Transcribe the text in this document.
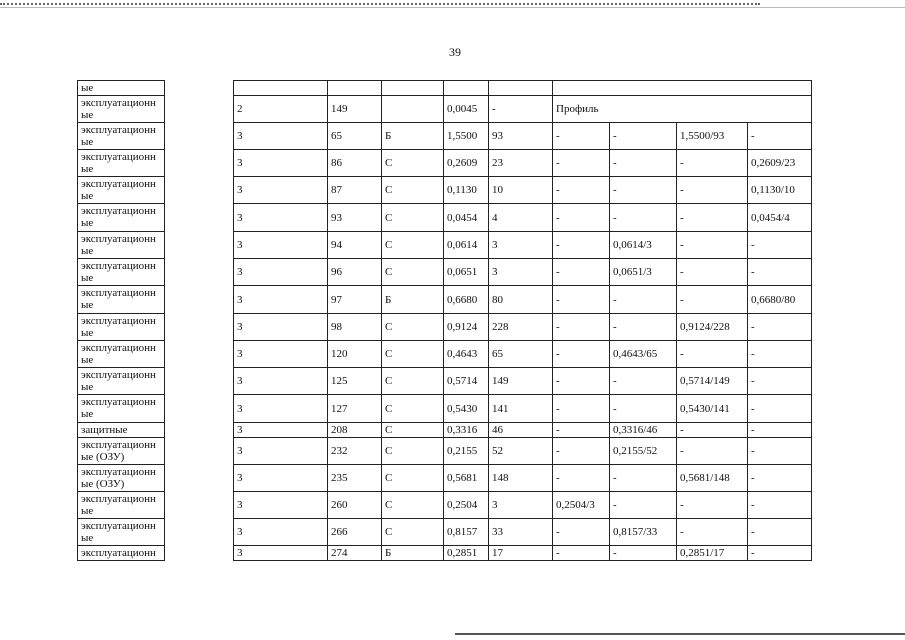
39
ые										
эксплуатационн ые		2	149		0,0045	-	Профиль			
эксплуатационн ые		3	65	Б	1,5500	93	-	-	1,5500/93	-
эксплуатационн ые		3	86	С	0,2609	23	-	-	-	0,2609/23
эксплуатационн ые		3	87	С	0,1130	10	-	-	-	0,1130/10
эксплуатационн ые		3	93	С	0,0454	4	-	-	-	0,0454/4
эксплуатационн ые		3	94	С	0,0614	3	-	0,0614/3	-	-
эксплуатационн ые		3	96	С	0,0651	3	-	0,0651/3	-	-
эксплуатационн ые		3	97	Б	0,6680	80	-	-	-	0,6680/80
эксплуатационн ые		3	98	С	0,9124	228	-	-	0,9124/228	-
эксплуатационн ые		3	120	С	0,4643	65	-	0,4643/65	-	-
эксплуатационн ые		3	125	С	0,5714	149	-	-	0,5714/149	-
эксплуатационн ые		3	127	С	0,5430	141	-	-	0,5430/141	-
защитные		3	208	С	0,3316	46	-	0,3316/46	-	-
эксплуатационн ые (ОЗУ)		3	232	С	0,2155	52	-	0,2155/52	-	-
эксплуатационн ые (ОЗУ)		3	235	С	0,5681	148	-	-	0,5681/148	-
эксплуатационн ые		3	260	С	0,2504	3	0,2504/3	-	-	-
эксплуатационн ые		3	266	С	0,8157	33	-	0,8157/33	-	-
эксплуатационн		3	274	Б	0,2851	17	-	-	0,2851/17	-
